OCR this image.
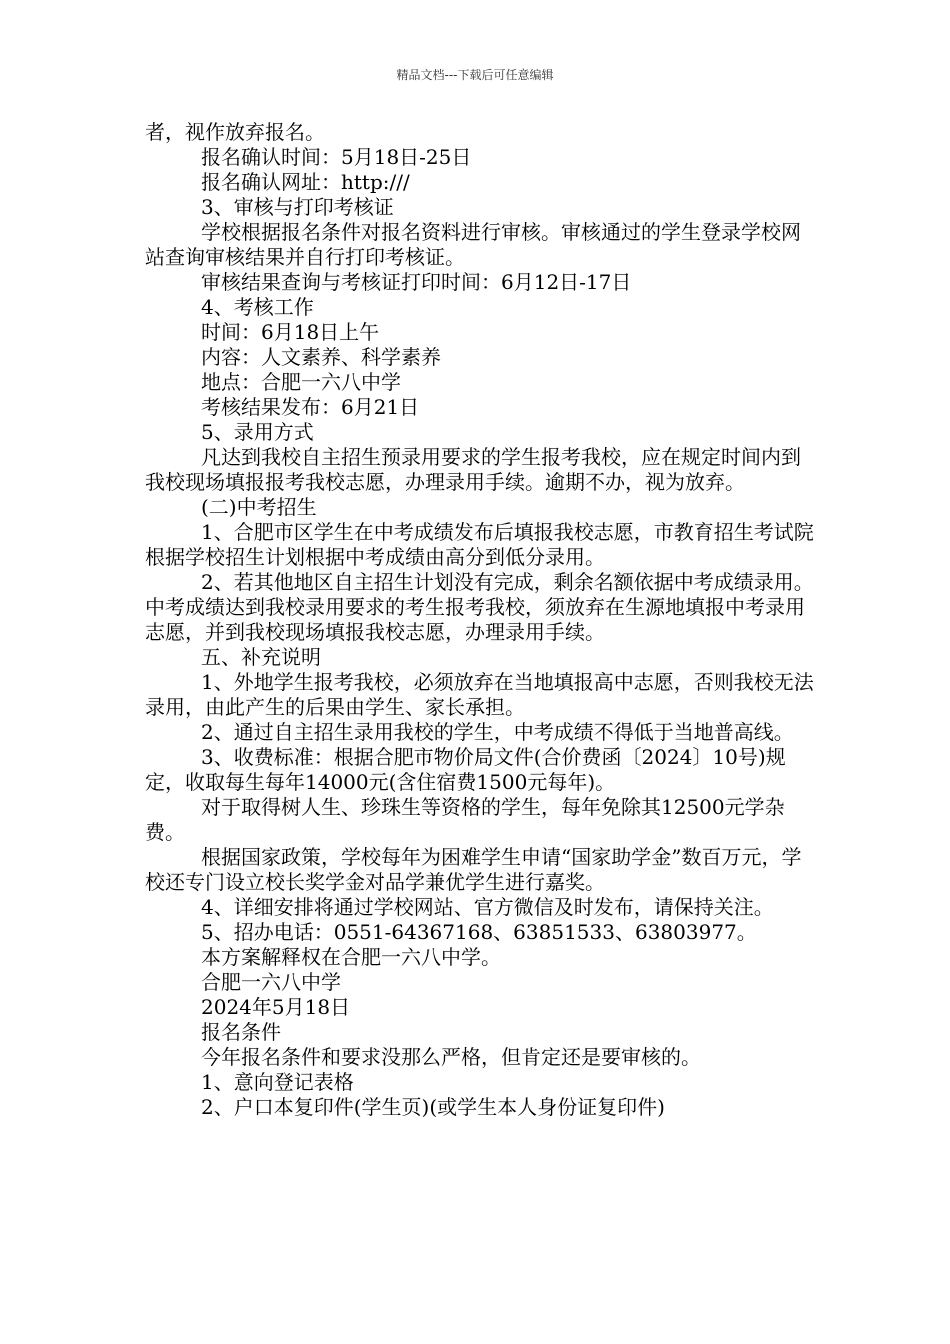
精品文档---下载后可任意编辑

者，视作放弃报名。

报名确认时间：5月18日-25日

报名确认网址：http:///

3、审核与打印考核证

学校根据报名条件对报名资料进行审核。审核通过的学生登录学校网站查询审核结果并自行打印考核证。

审核结果查询与考核证打印时间：6月12日-17日

4、考核工作

时间：6月18日上午

内容：人文素养、科学素养

地点：合肥一六八中学

考核结果发布：6月21日

5、录用方式

凡达到我校自主招生预录用要求的学生报考我校，应在规定时间内到我校现场填报报考我校志愿，办理录用手续。逾期不办，视为放弃。

(二)中考招生

1、合肥市区学生在中考成绩发布后填报我校志愿，市教育招生考试院根据学校招生计划根据中考成绩由高分到低分录用。

2、若其他地区自主招生计划没有完成，剩余名额依据中考成绩录用。中考成绩达到我校录用要求的考生报考我校，须放弃在生源地填报中考录用志愿，并到我校现场填报我校志愿，办理录用手续。

五、补充说明

1、外地学生报考我校，必须放弃在当地填报高中志愿，否则我校无法录用，由此产生的后果由学生、家长承担。

2、通过自主招生录用我校的学生，中考成绩不得低于当地普高线。

3、收费标准：根据合肥市物价局文件(合价费函〔2024〕10号)规定，收取每生每年14000元(含住宿费1500元每年)。

对于取得树人生、珍珠生等资格的学生，每年免除其12500元学杂费。

根据国家政策，学校每年为困难学生申请“国家助学金”数百万元，学校还专门设立校长奖学金对品学兼优学生进行嘉奖。

4、详细安排将通过学校网站、官方微信及时发布，请保持关注。

5、招办电话：0551-64367168、63851533、63803977。

本方案解释权在合肥一六八中学。

合肥一六八中学

2024年5月18日

报名条件

今年报名条件和要求没那么严格，但肯定还是要审核的。

1、意向登记表格

2、户口本复印件(学生页)(或学生本人身份证复印件)
